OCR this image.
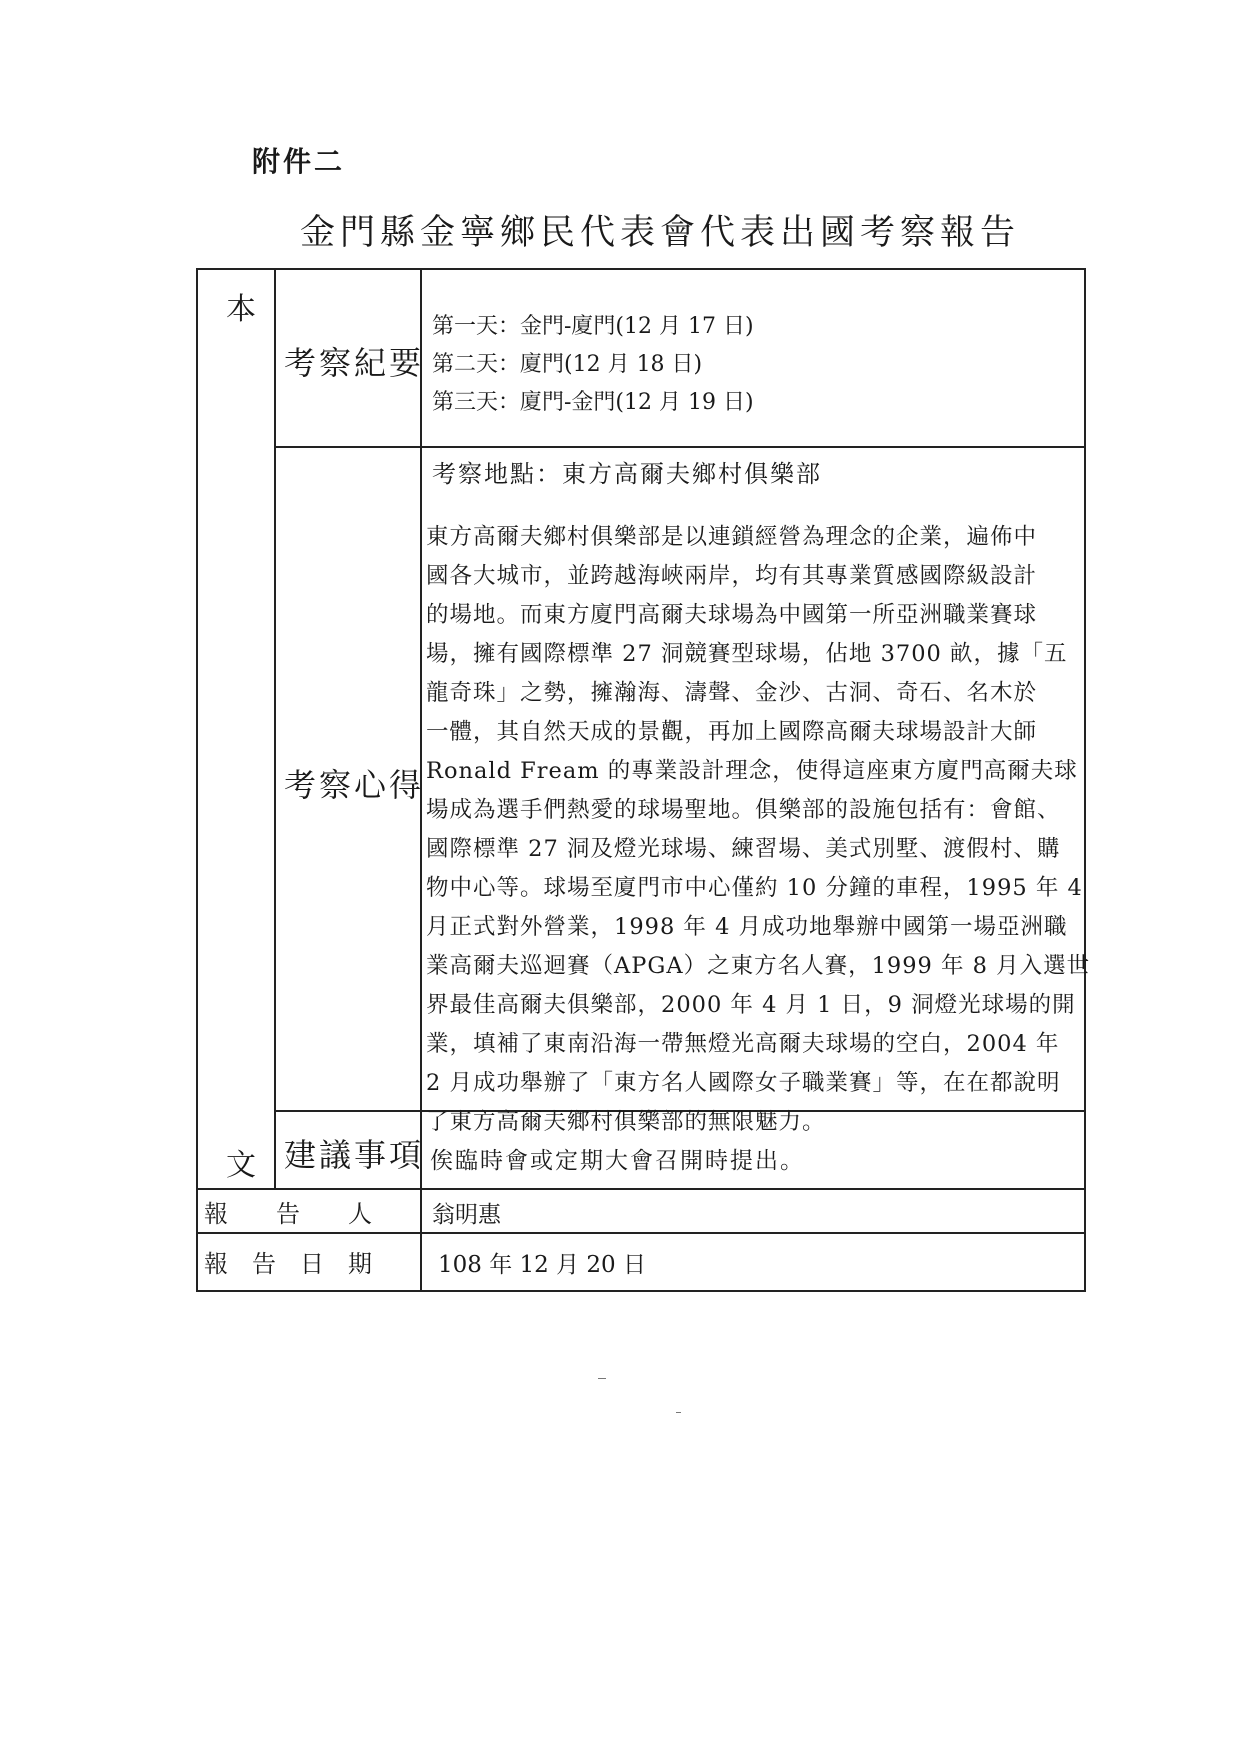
附件二
金門縣金寧鄉民代表會代表出國考察報告
本
文
考察紀要
第一天：金門-廈門(12 月 17 日)
第二天：廈門(12 月 18 日)
第三天：廈門-金門(12 月 19 日)
考察心得
考察地點：東方高爾夫鄉村俱樂部
東方高爾夫鄉村俱樂部是以連鎖經營為理念的企業，遍佈中
國各大城市，並跨越海峽兩岸，均有其專業質感國際級設計
的場地。而東方廈門高爾夫球場為中國第一所亞洲職業賽球
場，擁有國際標準 27 洞競賽型球場，佔地 3700 畝，據「五
龍奇珠」之勢，擁瀚海、濤聲、金沙、古洞、奇石、名木於
一體，其自然天成的景觀，再加上國際高爾夫球場設計大師
Ronald Fream 的專業設計理念，使得這座東方廈門高爾夫球
場成為選手們熱愛的球場聖地。俱樂部的設施包括有：會館、
國際標準 27 洞及燈光球場、練習場、美式別墅、渡假村、購
物中心等。球場至廈門市中心僅約 10 分鐘的車程，1995 年 4
月正式對外營業，1998 年 4 月成功地舉辦中國第一場亞洲職
業高爾夫巡迴賽（APGA）之東方名人賽，1999 年 8 月入選世
界最佳高爾夫俱樂部，2000 年 4 月 1 日，9 洞燈光球場的開
業，填補了東南沿海一帶無燈光高爾夫球場的空白，2004 年
2 月成功舉辦了「東方名人國際女子職業賽」等，在在都說明
了東方高爾夫鄉村俱樂部的無限魅力。
建議事項 俟臨時會或定期大會召開時提出。
報　　告　　人	翁明惠
報　告　日　期	108 年 12 月 20 日
